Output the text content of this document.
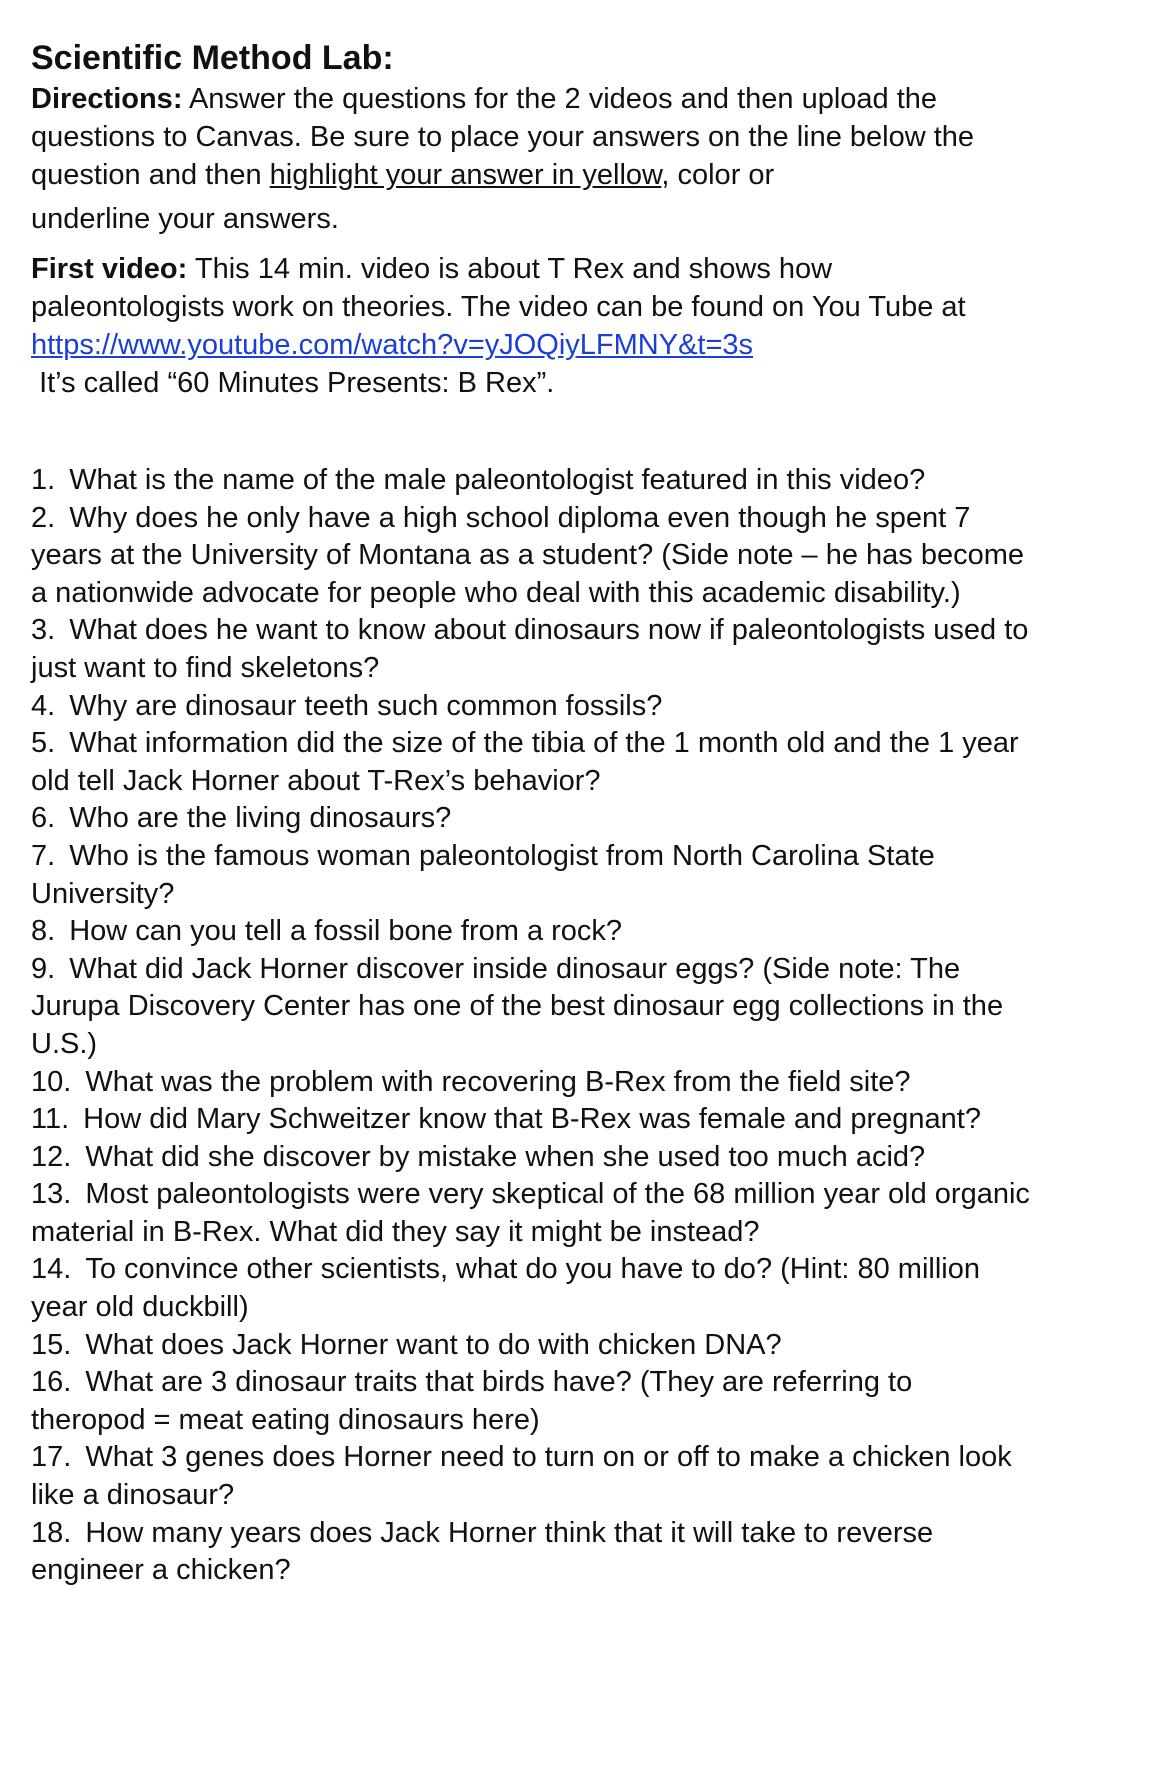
Scientific Method Lab:

Directions: Answer the questions for the 2 videos and then upload the questions to Canvas. Be sure to place your answers on the line below the question and then highlight your answer in yellow, color or
underline your answers.

First video: This 14 min. video is about T Rex and shows how paleontologists work on theories. The video can be found on You Tube at https://www.youtube.com/watch?v=yJOQiyLFMNY&t=3s
It’s called “60 Minutes Presents: B Rex”.

1. What is the name of the male paleontologist featured in this video?
2. Why does he only have a high school diploma even though he spent 7 years at the University of Montana as a student? (Side note – he has become a nationwide advocate for people who deal with this academic disability.)
3. What does he want to know about dinosaurs now if paleontologists used to just want to find skeletons?
4. Why are dinosaur teeth such common fossils?
5. What information did the size of the tibia of the 1 month old and the 1 year old tell Jack Horner about T-Rex’s behavior?
6. Who are the living dinosaurs?
7. Who is the famous woman paleontologist from North Carolina State University?
8. How can you tell a fossil bone from a rock?
9. What did Jack Horner discover inside dinosaur eggs? (Side note: The Jurupa Discovery Center has one of the best dinosaur egg collections in the U.S.)
10. What was the problem with recovering B-Rex from the field site?
11. How did Mary Schweitzer know that B-Rex was female and pregnant?
12. What did she discover by mistake when she used too much acid?
13. Most paleontologists were very skeptical of the 68 million year old organic material in B-Rex. What did they say it might be instead?
14. To convince other scientists, what do you have to do? (Hint: 80 million year old duckbill)
15. What does Jack Horner want to do with chicken DNA?
16. What are 3 dinosaur traits that birds have? (They are referring to theropod = meat eating dinosaurs here)
17. What 3 genes does Horner need to turn on or off to make a chicken look like a dinosaur?
18. How many years does Jack Horner think that it will take to reverse engineer a chicken?
